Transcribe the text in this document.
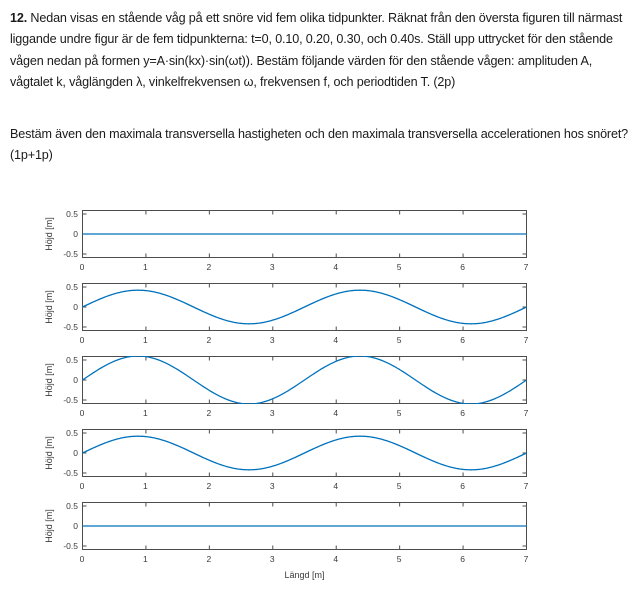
12. Nedan visas en stående våg på ett snöre vid fem olika tidpunkter. Räknat från den översta figuren till närmast liggande undre figur är de fem tidpunkterna: t=0, 0.10, 0.20, 0.30, och 0.40s. Ställ upp uttrycket för den stående vågen nedan på formen y=A·sin(kx)·sin(ωt)). Bestäm följande värden för den stående vågen: amplituden A, vågtalet k, våglängden λ, vinkelfrekvensen ω, frekvensen f, och periodtiden T. (2p)

Bestäm även den maximala transversella hastigheten och den maximala transversella accelerationen hos snöret? (1p+1p)

Höjd [m]
0.5
0
-0.5
0	1	2	3	4	5	6	7
Höjd [m]
0.5
0
-0.5
0	1	2	3	4	5	6	7
Höjd [m]
0.5
0
-0.5
0	1	2	3	4	5	6	7
Höjd [m]
0.5
0
-0.5
0	1	2	3	4	5	6	7
Höjd [m]
0.5
0
-0.5
0	1	2	3	4	5	6	7
Längd [m]
